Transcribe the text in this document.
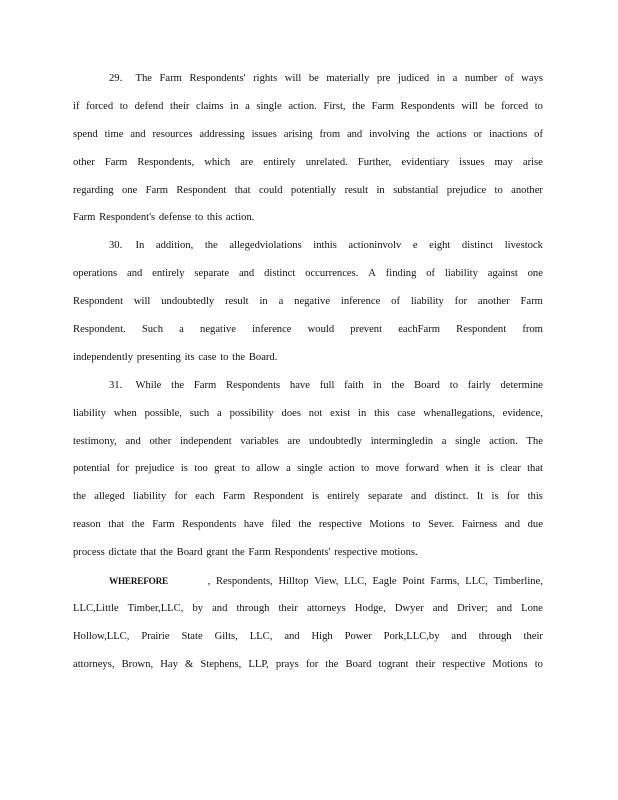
29.     The Farm Respondents' rights will be materially pre judiced in a number of ways
if forced to defend their claims in a single action. First, the Farm Respondents will be forced to
spend time and resources addressing issues arising from and involving the actions or inactions of
other Farm Respondents, which are entirely unrelated. Further, evidentiary issues may arise
regarding one Farm Respondent that could potentially result in substantial prejudice to another
Farm Respondent's defense to this action.
30.     In addition, the allegedviolations inthis actioninvolv e eight distinct livestock
operations and entirely separate and distinct occurrences. A finding of liability against one
Respondent will undoubtedly result in a negative inference of liability for another Farm
Respondent. Such a negative inference would prevent eachFarm Respondent from
independently presenting its case to the Board.
31.     While the Farm Respondents have full faith in the Board to fairly determine
liability when possible, such a possibility does not exist in this case whenallegations, evidence,
testimony, and other independent variables are undoubtedly intermingledin a single action. The
potential for prejudice is too great to allow a single action to move forward when it is clear that
the alleged liability for each Farm Respondent is entirely separate and distinct. It is for this
reason that the Farm Respondents have filed the respective Motions to Sever. Fairness and due
process dictate that the Board grant the Farm Respondents' respective motions.
WHEREFORE	, Respondents, Hilltop View, LLC, Eagle Point Farms, LLC, Timberline,
LLC,Little Timber,LLC, by and through their attorneys Hodge, Dwyer and Driver; and Lone
Hollow,LLC, Prairie State Gilts, LLC, and High Power Pork,LLC,by and through their
attorneys, Brown, Hay & Stephens, LLP, prays for the Board togrant their respective Motions to
